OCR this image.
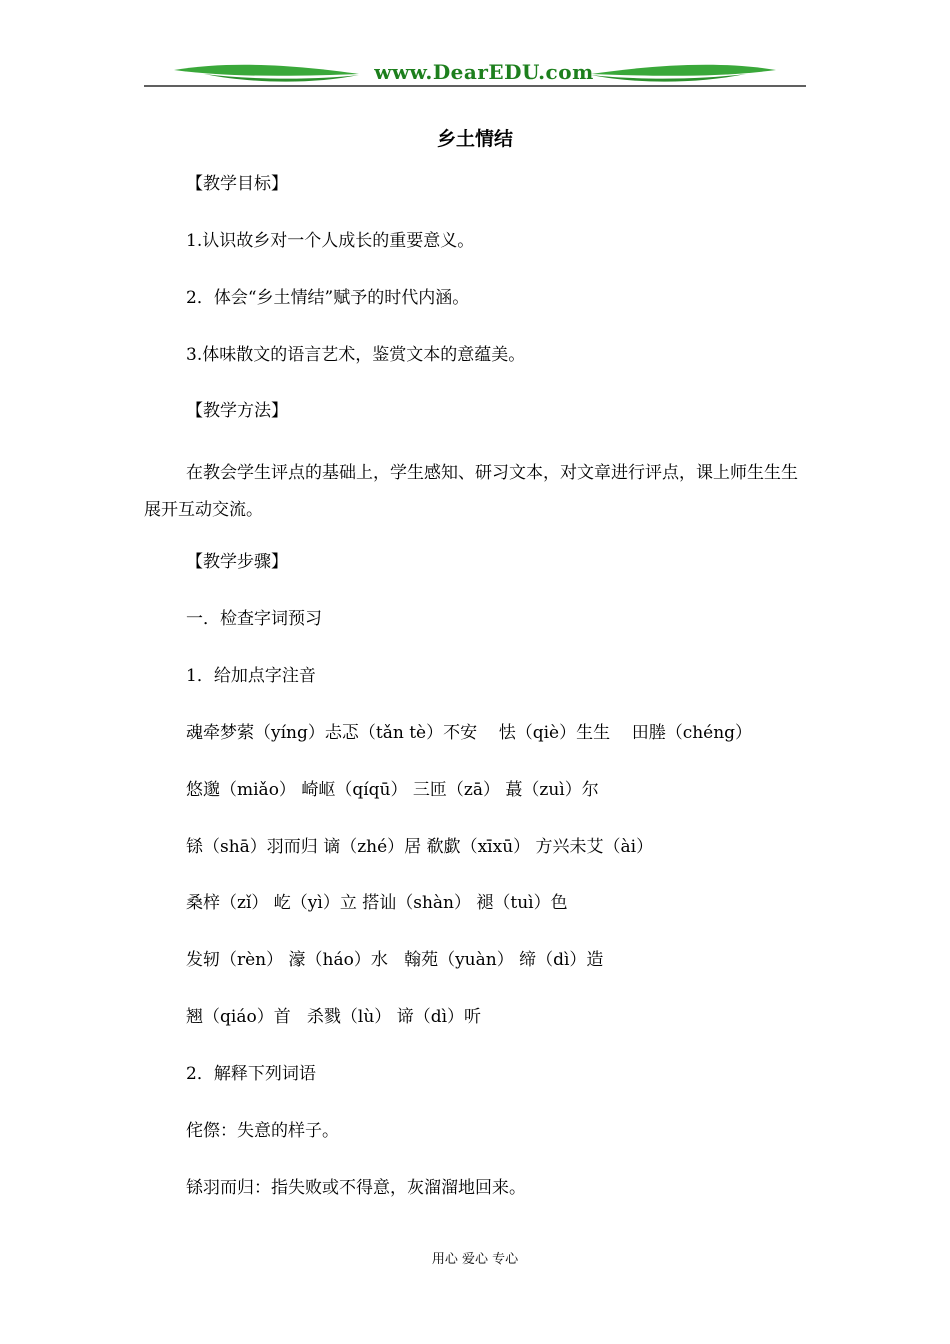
www.DearEDU.com
乡土情结
【教学目标】
1.认识故乡对一个人成长的重要意义。
2．体会“乡土情结”赋予的时代内涵。
3.体味散文的语言艺术，鉴赏文本的意蕴美。
【教学方法】
在教会学生评点的基础上，学生感知、研习文本，对文章进行评点，课上师生生生展开互动交流。
【教学步骤】
一．检查字词预习
1．给加点字注音
魂牵梦萦（yíng）忐忑（tǎn tè）不安    怯（qiè）生生    田塍（chéng）
悠邈（miǎo） 崎岖（qíqū） 三匝（zā） 蕞（zuì）尔
铩（shā）羽而归 谪（zhé）居 欷歔（xīxū） 方兴未艾（ài）
桑梓（zǐ） 屹（yì）立 搭讪（shàn） 褪（tuì）色
发轫（rèn） 濠（háo）水   翰苑（yuàn） 缔（dì）造
翘（qiáo）首   杀戮（lù） 谛（dì）听
2．解释下列词语
侘傺：失意的样子。
铩羽而归：指失败或不得意，灰溜溜地回来。
用心 爱心 专心
